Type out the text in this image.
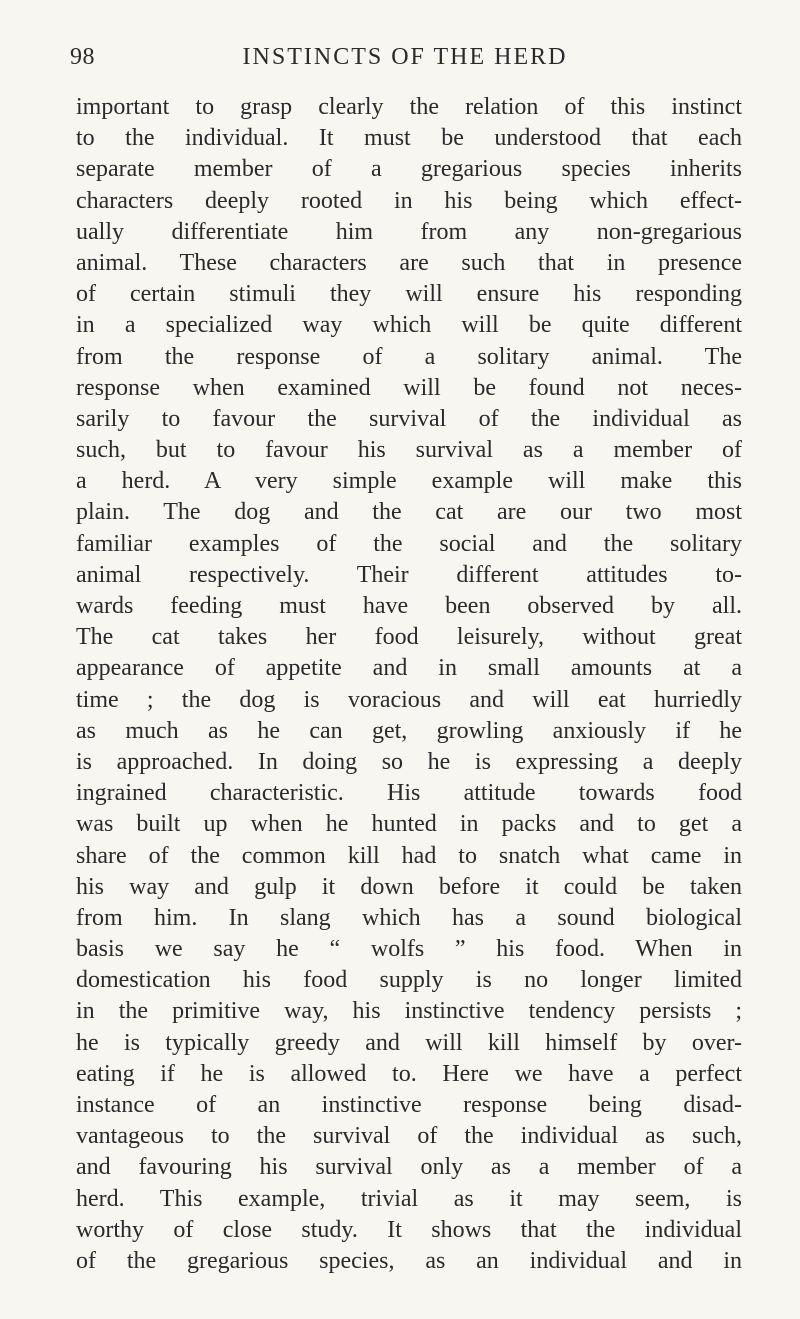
98	INSTINCTS OF THE HERD
important to grasp clearly the relation of this instinct
to the individual. It must be understood that each
separate member of a gregarious species inherits
characters deeply rooted in his being which effect-
ually differentiate him from any non-gregarious
animal. These characters are such that in presence
of certain stimuli they will ensure his responding
in a specialized way which will be quite different
from the response of a solitary animal. The
response when examined will be found not neces-
sarily to favour the survival of the individual as
such, but to favour his survival as a member of
a herd. A very simple example will make this
plain. The dog and the cat are our two most
familiar examples of the social and the solitary
animal respectively. Their different attitudes to-
wards feeding must have been observed by all.
The cat takes her food leisurely, without great
appearance of appetite and in small amounts at a
time ; the dog is voracious and will eat hurriedly
as much as he can get, growling anxiously if he
is approached. In doing so he is expressing a deeply
ingrained characteristic. His attitude towards food
was built up when he hunted in packs and to get a
share of the common kill had to snatch what came in
his way and gulp it down before it could be taken
from him. In slang which has a sound biological
basis we say he “ wolfs ” his food. When in
domestication his food supply is no longer limited
in the primitive way, his instinctive tendency persists ;
he is typically greedy and will kill himself by over-
eating if he is allowed to. Here we have a perfect
instance of an instinctive response being disad-
vantageous to the survival of the individual as such,
and favouring his survival only as a member of a
herd. This example, trivial as it may seem, is
worthy of close study. It shows that the individual
of the gregarious species, as an individual and in
